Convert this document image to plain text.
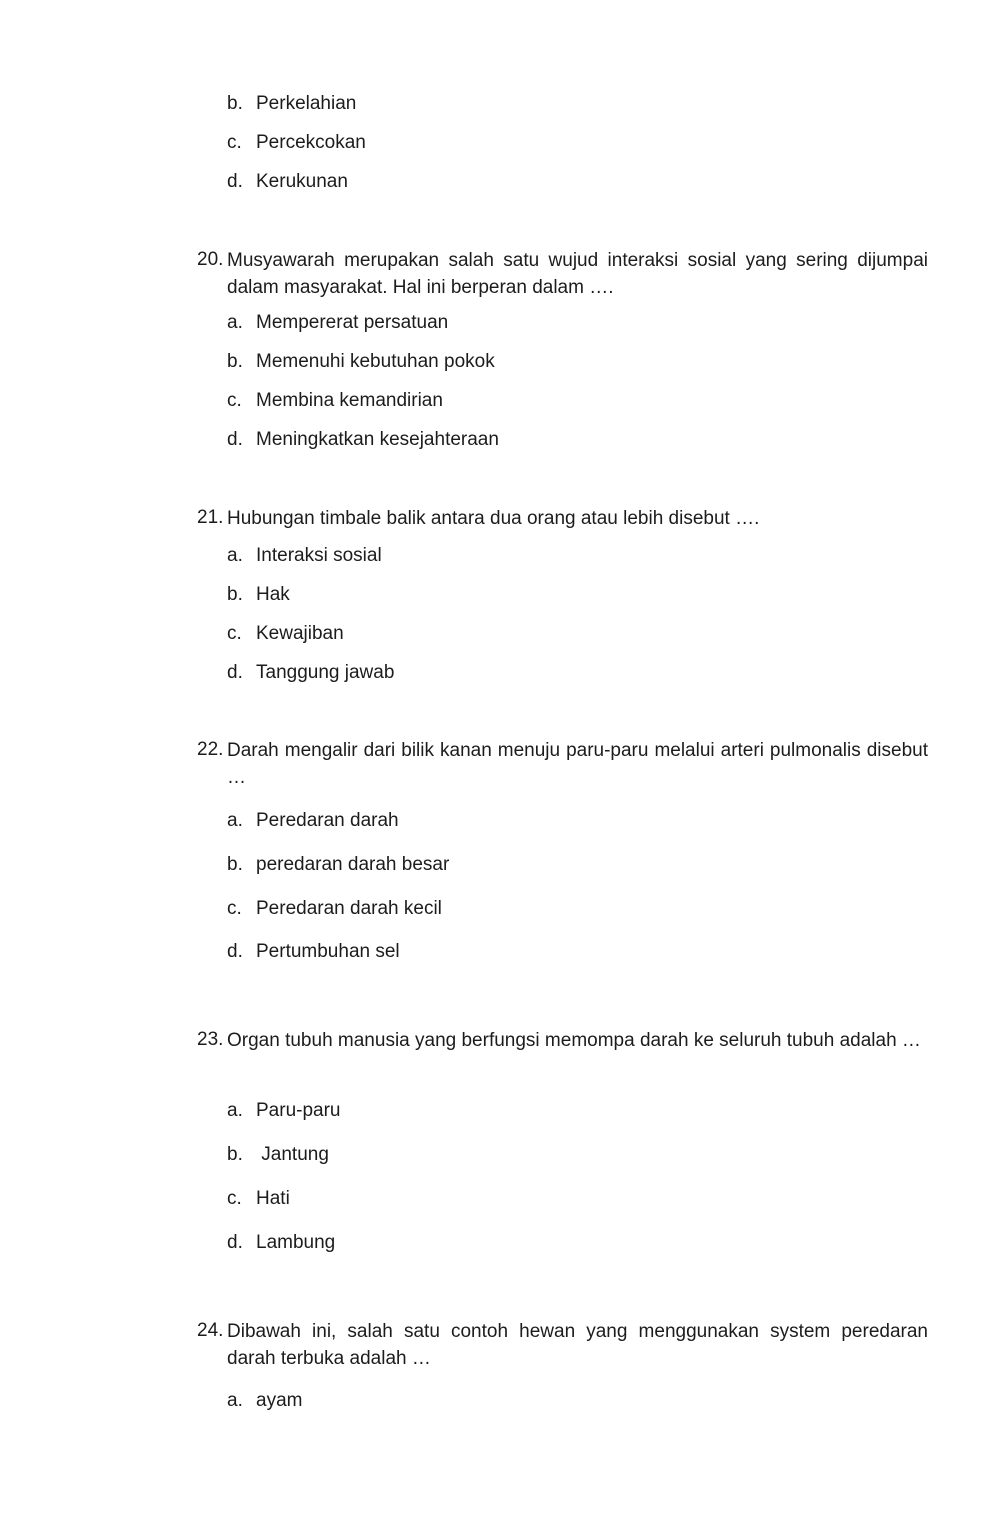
b. Perkelahian
c. Percekcokan
d. Kerukunan
20. Musyawarah merupakan salah satu wujud interaksi sosial yang sering dijumpai dalam masyarakat. Hal ini berperan dalam ….
a. Mempererat persatuan
b. Memenuhi kebutuhan pokok
c. Membina kemandirian
d. Meningkatkan kesejahteraan
21. Hubungan timbale balik antara dua orang atau lebih disebut ….
a. Interaksi sosial
b. Hak
c. Kewajiban
d. Tanggung jawab
22. Darah mengalir dari bilik kanan menuju paru-paru melalui arteri pulmonalis disebut …
a. Peredaran darah
b. peredaran darah besar
c. Peredaran darah kecil
d. Pertumbuhan sel
23. Organ tubuh manusia yang berfungsi memompa darah ke seluruh tubuh adalah …
a. Paru-paru
b. Jantung
c. Hati
d. Lambung
24. Dibawah ini, salah satu contoh hewan yang menggunakan system peredaran darah terbuka adalah …
a. ayam
